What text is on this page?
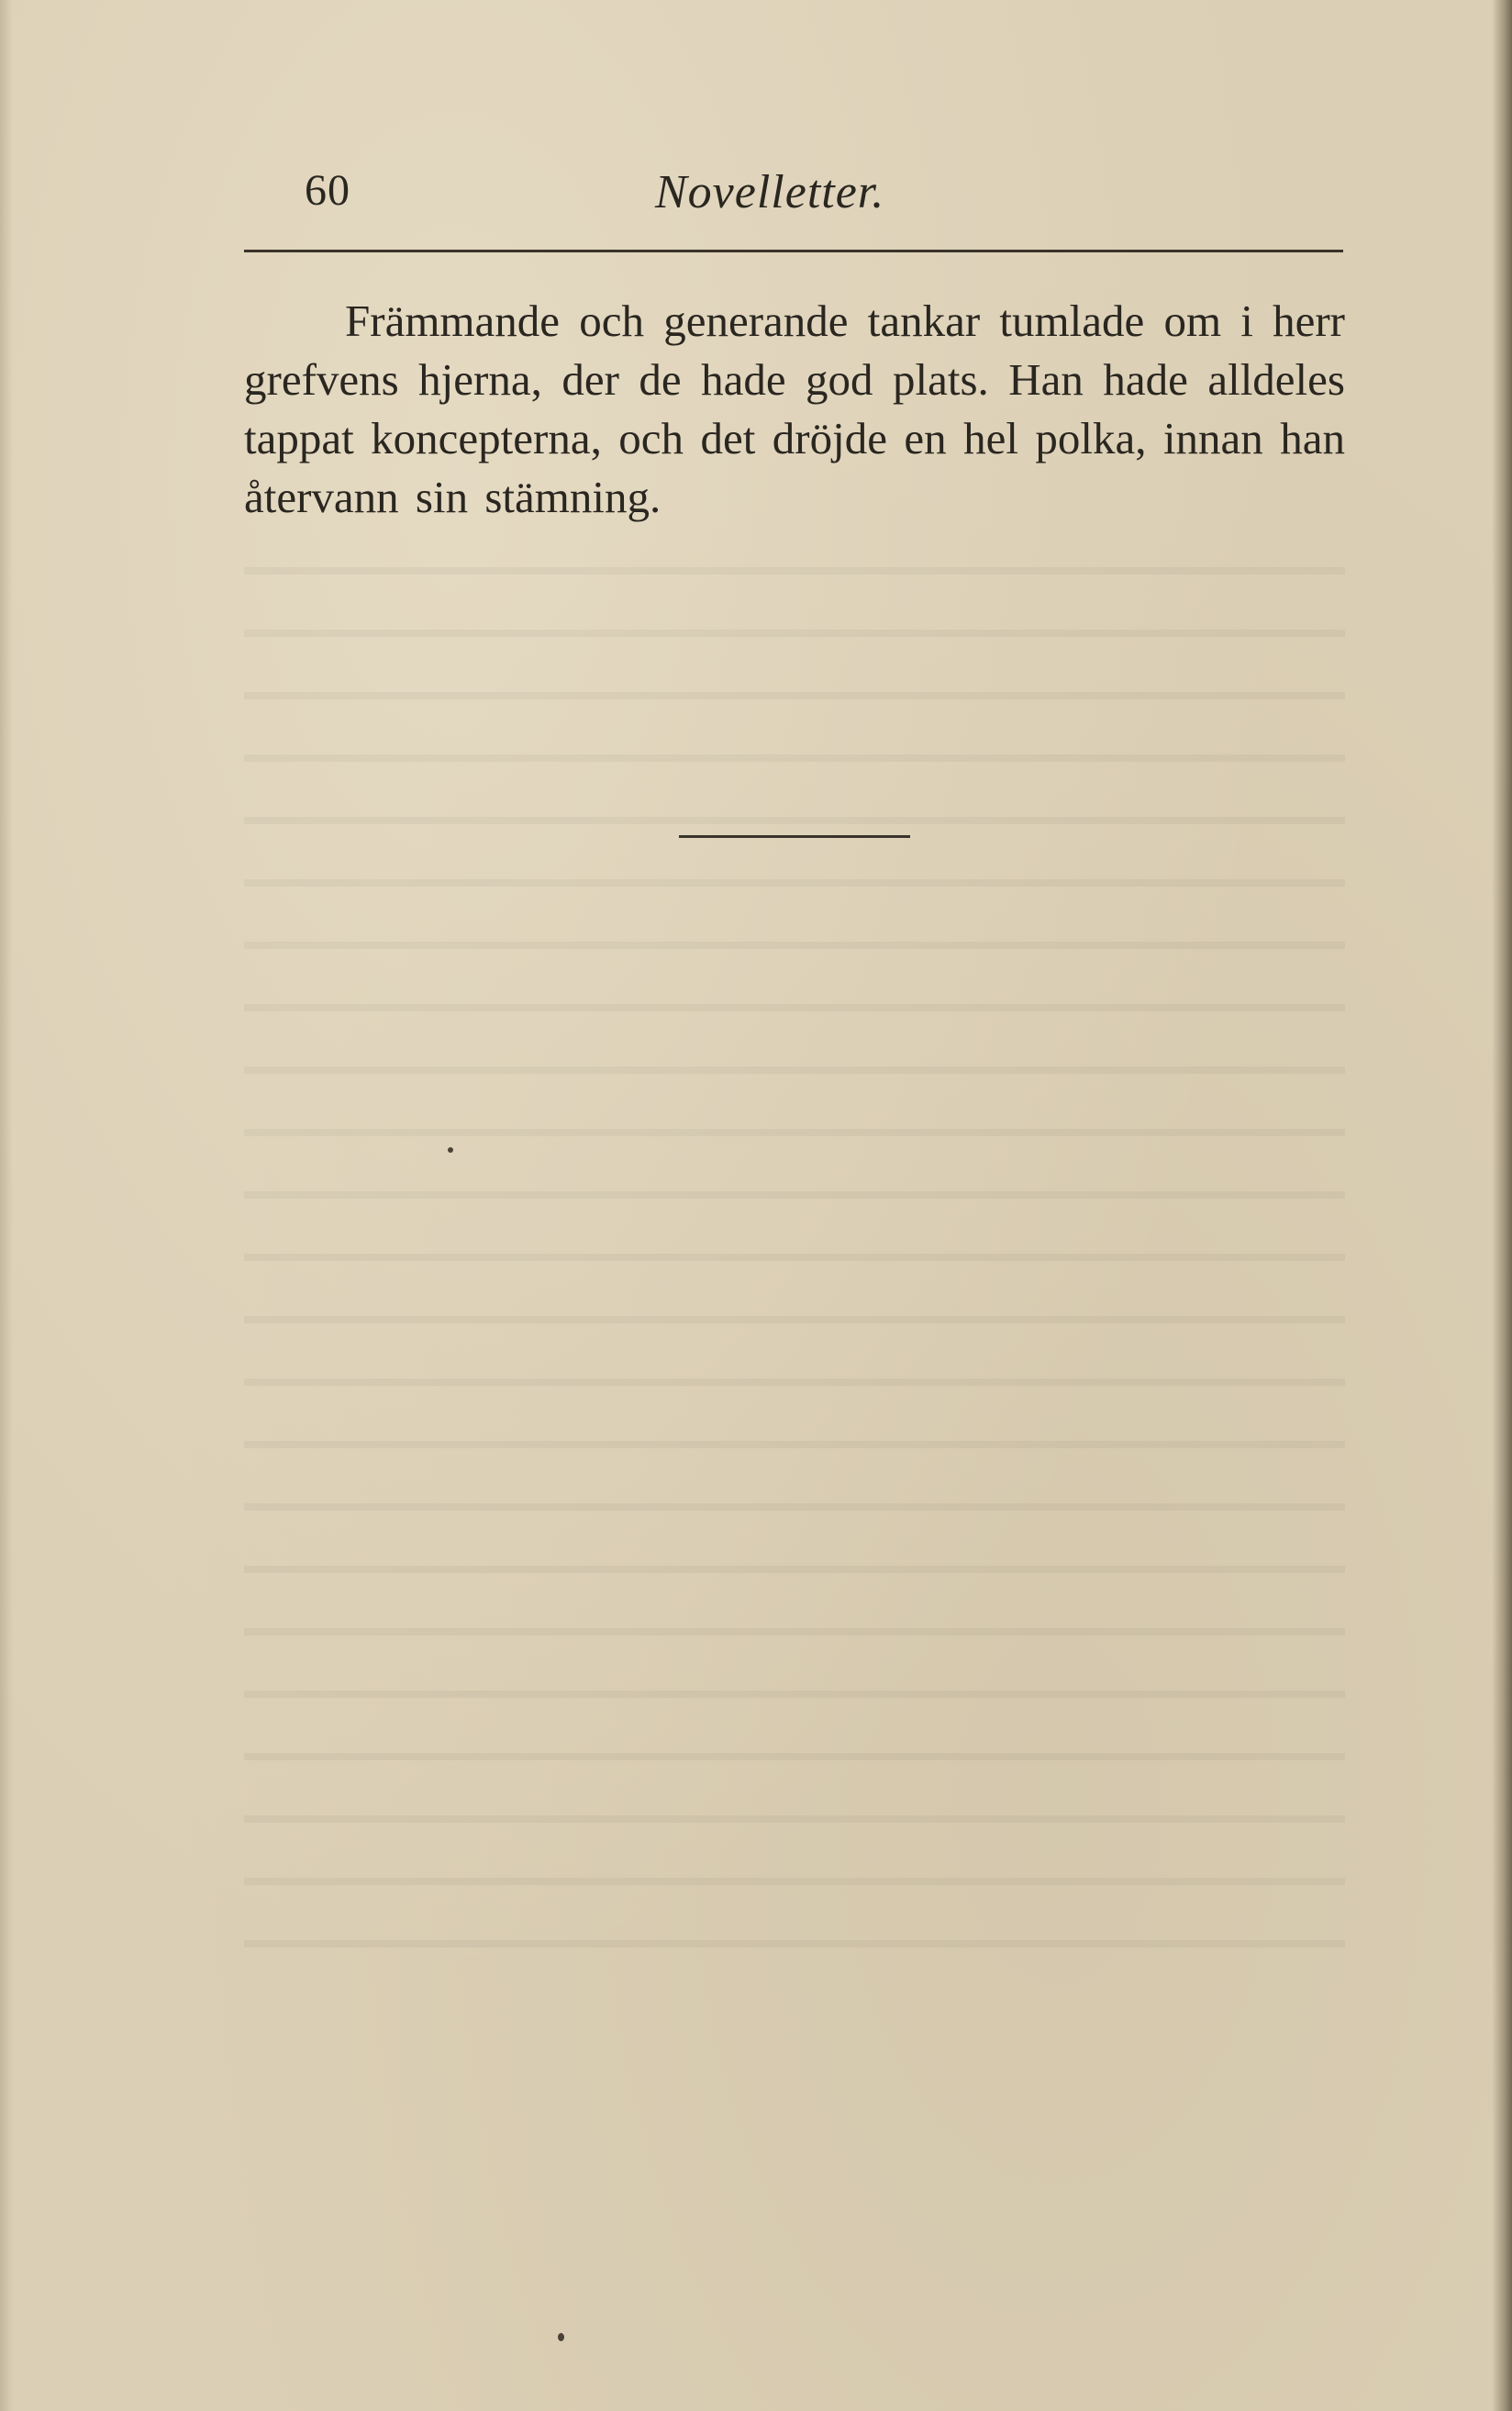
60	Novelletter.

Främmande och generande tankar tumlade om i herr grefvens hjerna, der de hade god plats. Han hade alldeles tappat koncepterna, och det dröjde en hel polka, innan han återvann sin stämning.
